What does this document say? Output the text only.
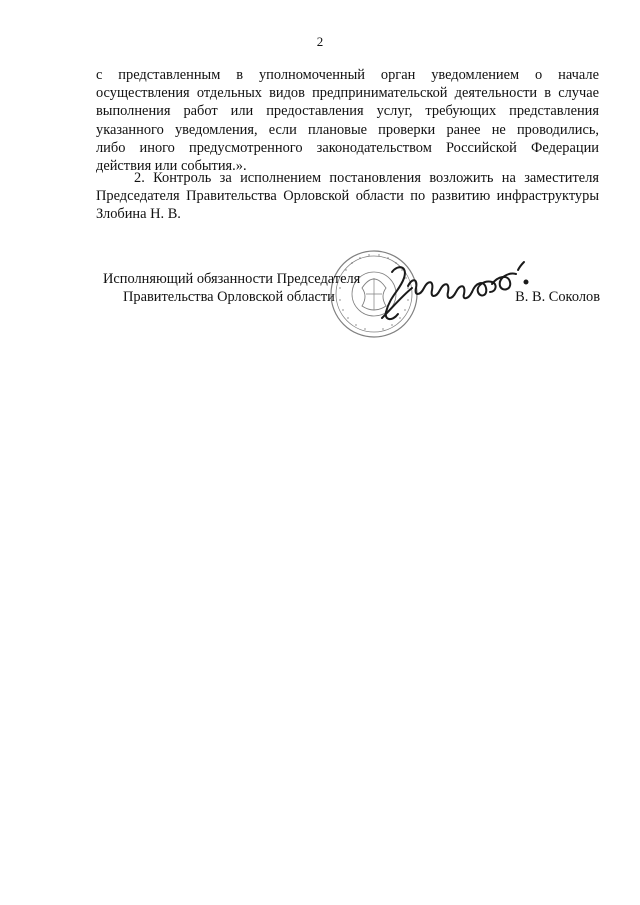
2
с представленным в уполномоченный орган уведомлением о начале
осуществления отдельных видов предпринимательской деятельности в случае
выполнения работ или предоставления услуг, требующих представления
указанного уведомления, если плановые проверки ранее не проводились,
либо иного предусмотренного законодательством Российской Федерации
действия или события.».
2. Контроль за исполнением постановления возложить на заместителя
Председателя Правительства Орловской области по развитию инфраструктуры
Злобина Н. В.
Исполняющий обязанности Председателя
Правительства Орловской области	В. В. Соколов
